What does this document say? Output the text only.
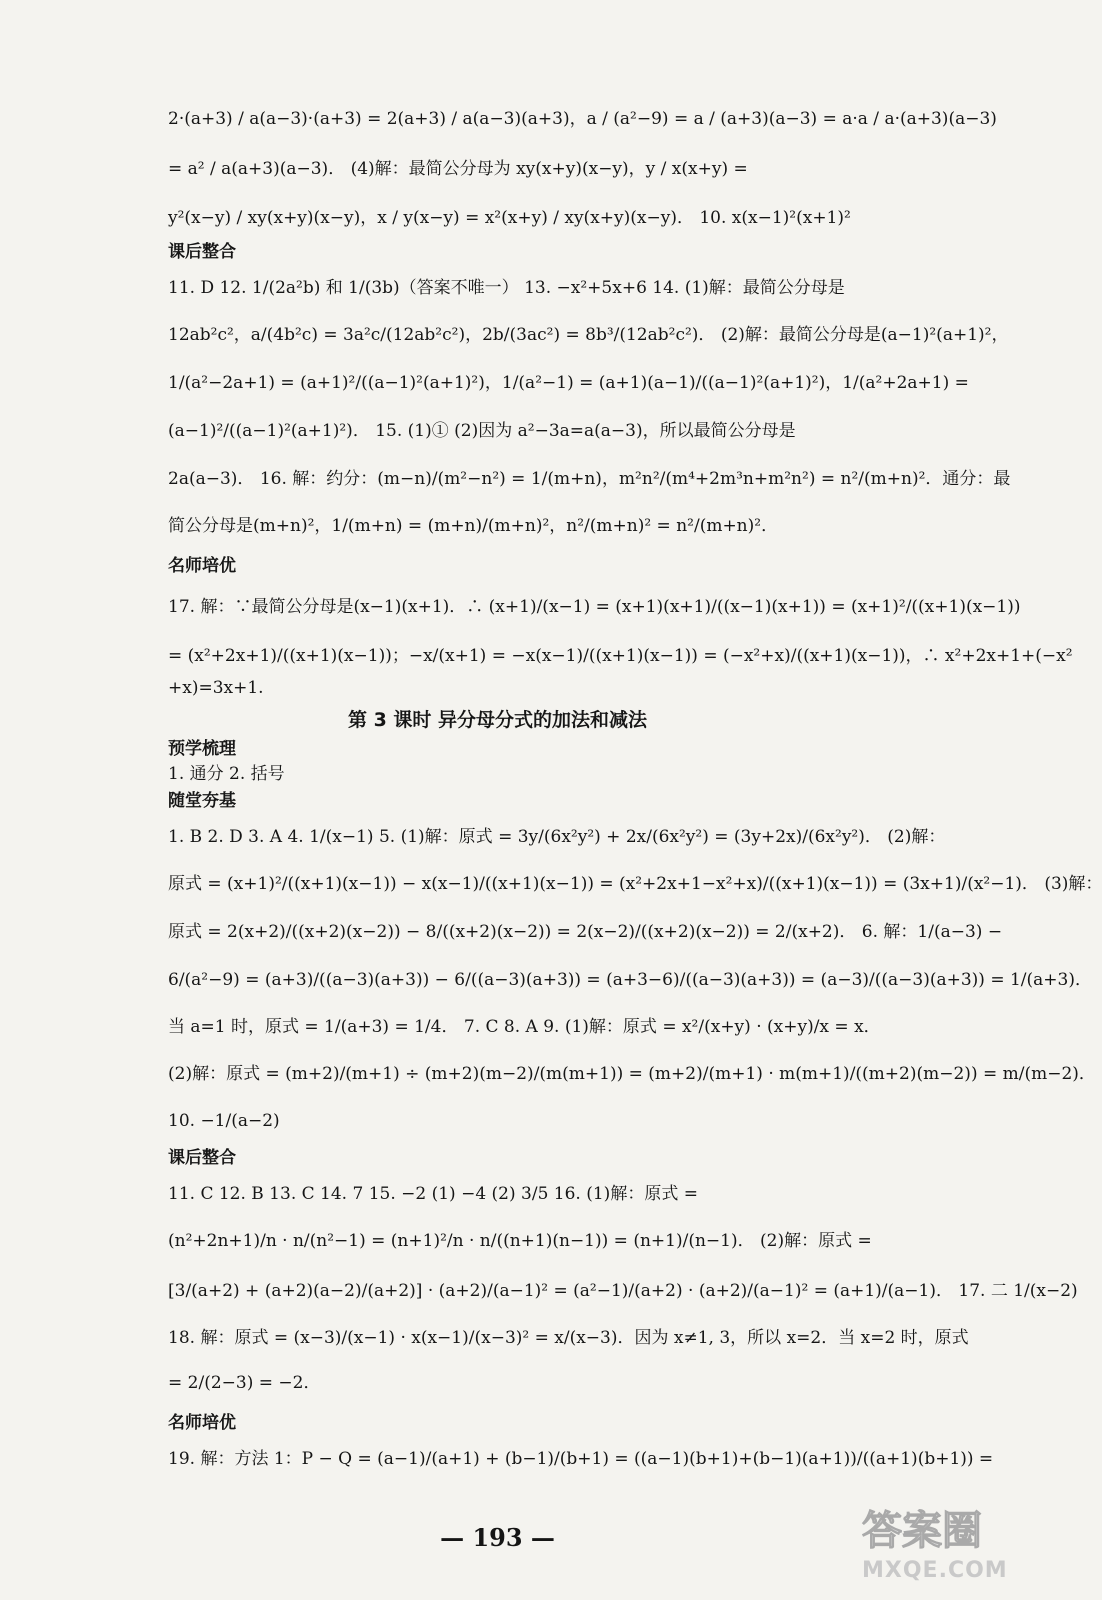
2·(a+3) / a(a−3)·(a+3) = 2(a+3) / a(a−3)(a+3)，a / (a²−9) = a / (a+3)(a−3) = a·a / a·(a+3)(a−3)
= a² / a(a+3)(a−3)． (4)解：最简公分母为 xy(x+y)(x−y)，y / x(x+y) =
y²(x−y) / xy(x+y)(x−y)，x / y(x−y) = x²(x+y) / xy(x+y)(x−y)． 10. x(x−1)²(x+1)²
课后整合
11. D 12. 1/(2a²b) 和 1/(3b)（答案不唯一） 13. −x²+5x+6 14. (1)解：最简公分母是
12ab²c²，a/(4b²c) = 3a²c/(12ab²c²)，2b/(3ac²) = 8b³/(12ab²c²)． (2)解：最简公分母是(a−1)²(a+1)²，
1/(a²−2a+1) = (a+1)²/((a−1)²(a+1)²)，1/(a²−1) = (a+1)(a−1)/((a−1)²(a+1)²)，1/(a²+2a+1) =
(a−1)²/((a−1)²(a+1)²)． 15. (1)① (2)因为 a²−3a=a(a−3)，所以最简公分母是
2a(a−3)． 16. 解：约分：(m−n)/(m²−n²) = 1/(m+n)，m²n²/(m⁴+2m³n+m²n²) = n²/(m+n)²．通分：最
简公分母是(m+n)²，1/(m+n) = (m+n)/(m+n)²，n²/(m+n)² = n²/(m+n)²．
名师培优
17. 解：∵最简公分母是(x−1)(x+1)．∴ (x+1)/(x−1) = (x+1)(x+1)/((x−1)(x+1)) = (x+1)²/((x+1)(x−1))
= (x²+2x+1)/((x+1)(x−1))；−x/(x+1) = −x(x−1)/((x+1)(x−1)) = (−x²+x)/((x+1)(x−1))，∴ x²+2x+1+(−x²
+x)=3x+1.
第 3 课时 异分母分式的加法和减法
预学梳理
1. 通分 2. 括号
随堂夯基
1. B 2. D 3. A 4. 1/(x−1) 5. (1)解：原式 = 3y/(6x²y²) + 2x/(6x²y²) = (3y+2x)/(6x²y²)． (2)解：
原式 = (x+1)²/((x+1)(x−1)) − x(x−1)/((x+1)(x−1)) = (x²+2x+1−x²+x)/((x+1)(x−1)) = (3x+1)/(x²−1)． (3)解：
原式 = 2(x+2)/((x+2)(x−2)) − 8/((x+2)(x−2)) = 2(x−2)/((x+2)(x−2)) = 2/(x+2)． 6. 解：1/(a−3) −
6/(a²−9) = (a+3)/((a−3)(a+3)) − 6/((a−3)(a+3)) = (a+3−6)/((a−3)(a+3)) = (a−3)/((a−3)(a+3)) = 1/(a+3)．
当 a=1 时，原式 = 1/(a+3) = 1/4． 7. C 8. A 9. (1)解：原式 = x²/(x+y) · (x+y)/x = x．
(2)解：原式 = (m+2)/(m+1) ÷ (m+2)(m−2)/(m(m+1)) = (m+2)/(m+1) · m(m+1)/((m+2)(m−2)) = m/(m−2)．
10. −1/(a−2)
课后整合
11. C 12. B 13. C 14. 7 15. −2 (1) −4 (2) 3/5 16. (1)解：原式 =
(n²+2n+1)/n · n/(n²−1) = (n+1)²/n · n/((n+1)(n−1)) = (n+1)/(n−1)． (2)解：原式 =
[3/(a+2) + (a+2)(a−2)/(a+2)] · (a+2)/(a−1)² = (a²−1)/(a+2) · (a+2)/(a−1)² = (a+1)/(a−1)． 17. 二 1/(x−2)
18. 解：原式 = (x−3)/(x−1) · x(x−1)/(x−3)² = x/(x−3)．因为 x≠1, 3，所以 x=2．当 x=2 时，原式
= 2/(2−3) = −2．
名师培优
19. 解：方法 1：P − Q = (a−1)/(a+1) + (b−1)/(b+1) = ((a−1)(b+1)+(b−1)(a+1))/((a+1)(b+1)) =
— 193 —	答案圈
MXQE.COM
